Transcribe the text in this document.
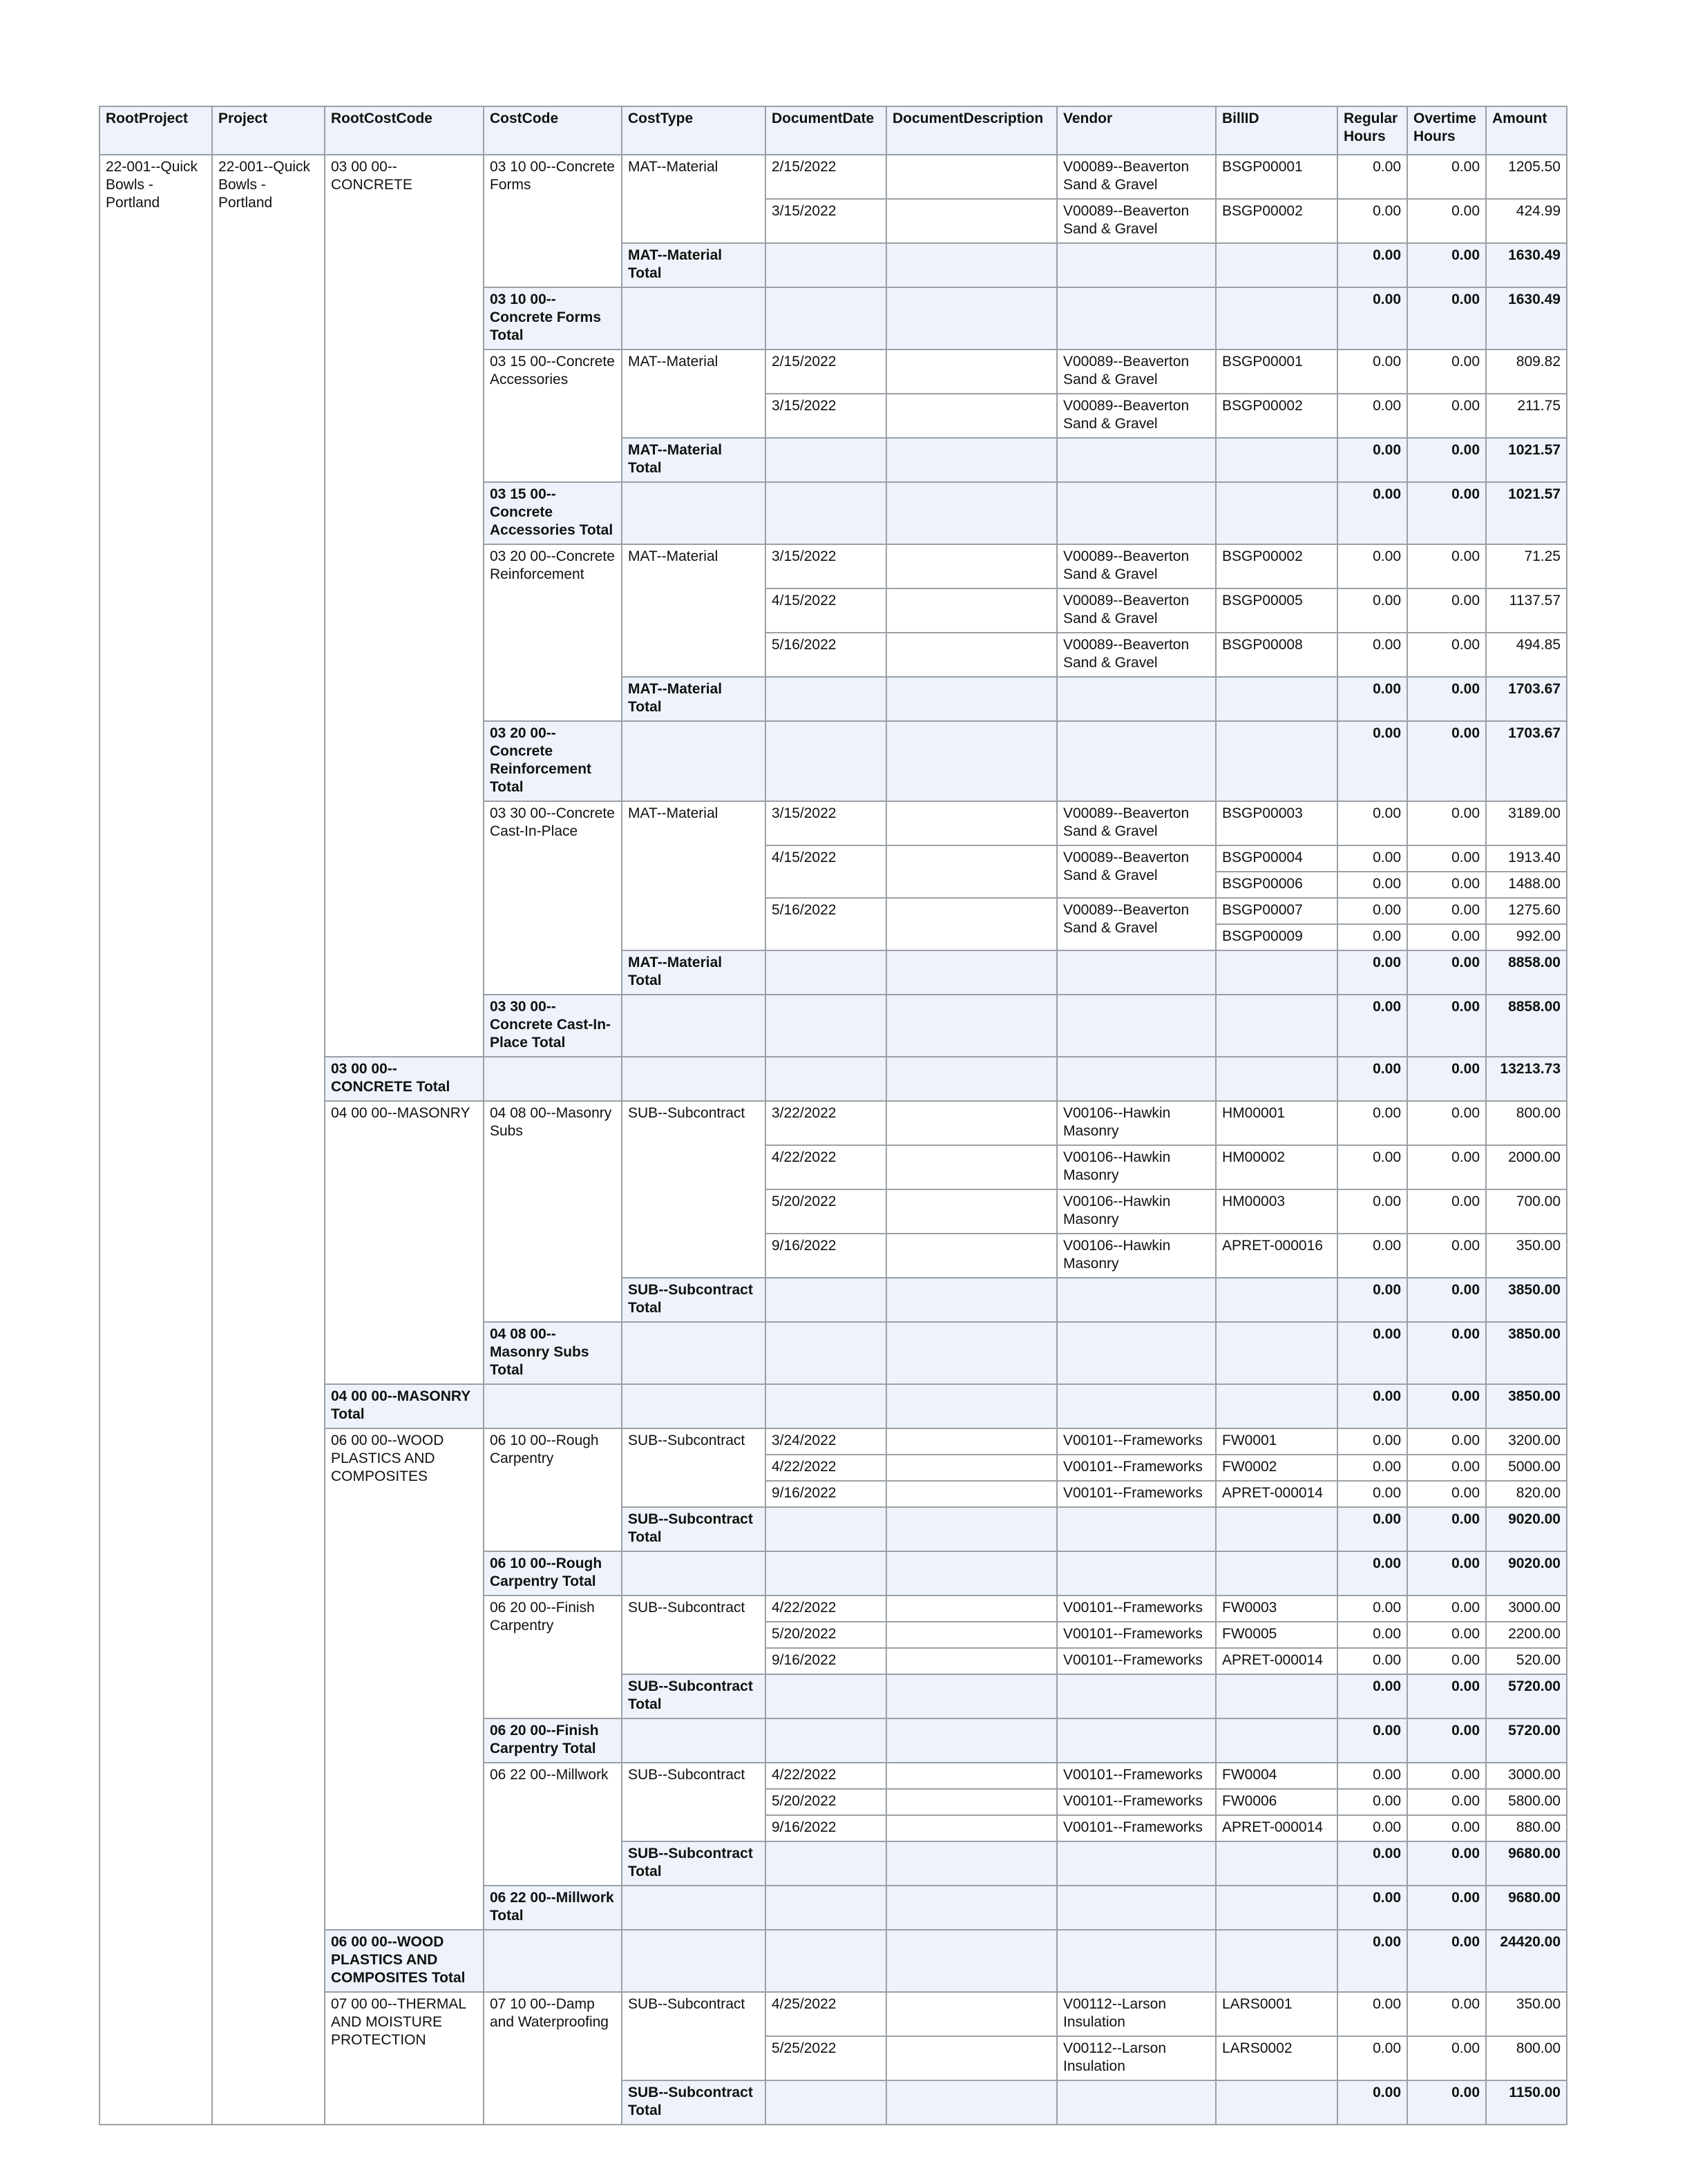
RootProject	Project	RootCostCode	CostCode	CostType	DocumentDate	DocumentDescription	Vendor	BillID	Regular Hours	Overtime Hours	Amount
22-001--Quick Bowls - Portland	22-001--Quick Bowls - Portland	03 00 00--CONCRETE	03 10 00--Concrete Forms	MAT--Material	2/15/2022		V00089--Beaverton Sand & Gravel	BSGP00001	0.00	0.00	1205.50
					3/15/2022		V00089--Beaverton Sand & Gravel	BSGP00002	0.00	0.00	424.99
				MAT--Material Total					0.00	0.00	1630.49
			03 10 00--Concrete Forms Total						0.00	0.00	1630.49
			03 15 00--Concrete Accessories	MAT--Material	2/15/2022		V00089--Beaverton Sand & Gravel	BSGP00001	0.00	0.00	809.82
					3/15/2022		V00089--Beaverton Sand & Gravel	BSGP00002	0.00	0.00	211.75
				MAT--Material Total					0.00	0.00	1021.57
			03 15 00--Concrete Accessories Total						0.00	0.00	1021.57
			03 20 00--Concrete Reinforcement	MAT--Material	3/15/2022		V00089--Beaverton Sand & Gravel	BSGP00002	0.00	0.00	71.25
					4/15/2022		V00089--Beaverton Sand & Gravel	BSGP00005	0.00	0.00	1137.57
					5/16/2022		V00089--Beaverton Sand & Gravel	BSGP00008	0.00	0.00	494.85
				MAT--Material Total					0.00	0.00	1703.67
			03 20 00--Concrete Reinforcement Total						0.00	0.00	1703.67
			03 30 00--Concrete Cast-In-Place	MAT--Material	3/15/2022		V00089--Beaverton Sand & Gravel	BSGP00003	0.00	0.00	3189.00
					4/15/2022		V00089--Beaverton Sand & Gravel	BSGP00004	0.00	0.00	1913.40
								BSGP00006	0.00	0.00	1488.00
					5/16/2022		V00089--Beaverton Sand & Gravel	BSGP00007	0.00	0.00	1275.60
								BSGP00009	0.00	0.00	992.00
				MAT--Material Total					0.00	0.00	8858.00
			03 30 00--Concrete Cast-In-Place Total						0.00	0.00	8858.00
		03 00 00--CONCRETE Total							0.00	0.00	13213.73
		04 00 00--MASONRY	04 08 00--Masonry Subs	SUB--Subcontract	3/22/2022		V00106--Hawkin Masonry	HM00001	0.00	0.00	800.00
					4/22/2022		V00106--Hawkin Masonry	HM00002	0.00	0.00	2000.00
					5/20/2022		V00106--Hawkin Masonry	HM00003	0.00	0.00	700.00
					9/16/2022		V00106--Hawkin Masonry	APRET-000016	0.00	0.00	350.00
				SUB--Subcontract Total					0.00	0.00	3850.00
			04 08 00--Masonry Subs Total						0.00	0.00	3850.00
		04 00 00--MASONRY Total							0.00	0.00	3850.00
		06 00 00--WOOD PLASTICS AND COMPOSITES	06 10 00--Rough Carpentry	SUB--Subcontract	3/24/2022		V00101--Frameworks	FW0001	0.00	0.00	3200.00
					4/22/2022		V00101--Frameworks	FW0002	0.00	0.00	5000.00
					9/16/2022		V00101--Frameworks	APRET-000014	0.00	0.00	820.00
				SUB--Subcontract Total					0.00	0.00	9020.00
			06 10 00--Rough Carpentry Total						0.00	0.00	9020.00
			06 20 00--Finish Carpentry	SUB--Subcontract	4/22/2022		V00101--Frameworks	FW0003	0.00	0.00	3000.00
					5/20/2022		V00101--Frameworks	FW0005	0.00	0.00	2200.00
					9/16/2022		V00101--Frameworks	APRET-000014	0.00	0.00	520.00
				SUB--Subcontract Total					0.00	0.00	5720.00
			06 20 00--Finish Carpentry Total						0.00	0.00	5720.00
			06 22 00--Millwork	SUB--Subcontract	4/22/2022		V00101--Frameworks	FW0004	0.00	0.00	3000.00
					5/20/2022		V00101--Frameworks	FW0006	0.00	0.00	5800.00
					9/16/2022		V00101--Frameworks	APRET-000014	0.00	0.00	880.00
				SUB--Subcontract Total					0.00	0.00	9680.00
			06 22 00--Millwork Total						0.00	0.00	9680.00
		06 00 00--WOOD PLASTICS AND COMPOSITES Total							0.00	0.00	24420.00
		07 00 00--THERMAL AND MOISTURE PROTECTION	07 10 00--Damp and Waterproofing	SUB--Subcontract	4/25/2022		V00112--Larson Insulation	LARS0001	0.00	0.00	350.00
					5/25/2022		V00112--Larson Insulation	LARS0002	0.00	0.00	800.00
				SUB--Subcontract Total					0.00	0.00	1150.00
